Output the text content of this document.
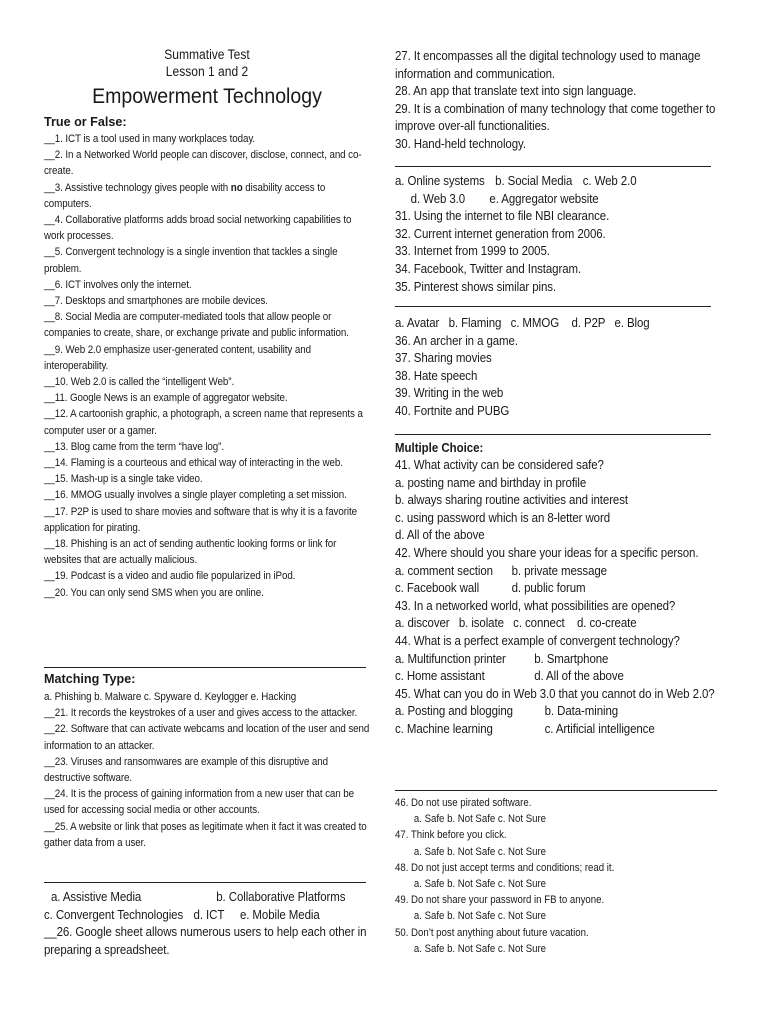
Summative Test
Lesson 1 and 2
Empowerment Technology
True or False:
__1. ICT is a tool used in many workplaces today.
__2. In a Networked World people can discover, disclose, connect, and co-create.
__3. Assistive technology gives people with no disability access to computers.
__4. Collaborative platforms adds broad social networking capabilities to work processes.
__5. Convergent technology is a single invention that tackles a single problem.
__6. ICT involves only the internet.
__7. Desktops and smartphones are mobile devices.
__8. Social Media are computer-mediated tools that allow people or companies to create, share, or exchange private and public information.
__9. Web 2.0 emphasize user-generated content, usability and interoperability.
__10. Web 2.0 is called the “intelligent Web”.
__11. Google News is an example of aggregator website.
__12. A cartoonish graphic, a photograph, a screen name that represents a computer user or a gamer.
__13. Blog came from the term “have log”.
__14. Flaming is a courteous and ethical way of interacting in the web.
__15. Mash-up is a single take video.
__16. MMOG usually involves a single player completing a set mission.
__17. P2P is used to share movies and software that is why it is a favorite application for pirating.
__18. Phishing is an act of sending authentic looking forms or link for websites that are actually malicious.
__19. Podcast is a video and audio file popularized in iPod.
__20. You can only send SMS when you are online.
Matching Type:
a. Phishing b. Malware c. Spyware d. Keylogger e. Hacking
__21. It records the keystrokes of a user and gives access to the attacker.
__22. Software that can activate webcams and location of the user and send information to an attacker.
__23. Viruses and ransomwares are example of this disruptive and destructive software.
__24. It is the process of gaining information from a new user that can be used for accessing social media or other accounts.
__25. A website or link that poses as legitimate when it fact it was created to gather data from a user.
a. Assistive Media	b. Collaborative Platforms
c. Convergent Technologies d. ICT e. Mobile Media
__26. Google sheet allows numerous users to help each other in preparing a spreadsheet.
27. It encompasses all the digital technology used to manage information and communication.
28. An app that translate text into sign language.
29. It is a combination of many technology that come together to improve over-all functionalities.
30. Hand-held technology.
a. Online systems b. Social Media c. Web 2.0
d. Web 3.0 e. Aggregator website
31. Using the internet to file NBI clearance.
32. Current internet generation from 2006.
33. Internet from 1999 to 2005.
34. Facebook, Twitter and Instagram.
35. Pinterest shows similar pins.
a. Avatar   b. Flaming   c. MMOG    d. P2P   e. Blog
36. An archer in a game.
37. Sharing movies
38. Hate speech
39. Writing in the web
40. Fortnite and PUBG
Multiple Choice:
41. What activity can be considered safe?
a. posting name and birthday in profile
b. always sharing routine activities and interest
c. using password which is an 8-letter word
d. All of the above
42. Where should you share your ideas for a specific person.
a. comment section b. private message
c. Facebook wall d. public forum
43. In a networked world, what possibilities are opened?
a. discover   b. isolate   c. connect    d. co-create
44. What is a perfect example of convergent technology?
a. Multifunction printer b. Smartphone
c. Home assistant	d. All of the above
45. What can you do in Web 3.0 that you cannot do in Web 2.0?
a. Posting and blogging b. Data-mining
c. Machine learning	c. Artificial intelligence
46. Do not use pirated software.
a. Safe b. Not Safe c. Not Sure
47. Think before you click.
a. Safe b. Not Safe c. Not Sure
48. Do not just accept terms and conditions; read it.
a. Safe b. Not Safe c. Not Sure
49. Do not share your password in FB to anyone.
a. Safe b. Not Safe c. Not Sure
50. Don’t post anything about future vacation.
a. Safe b. Not Safe c. Not Sure
